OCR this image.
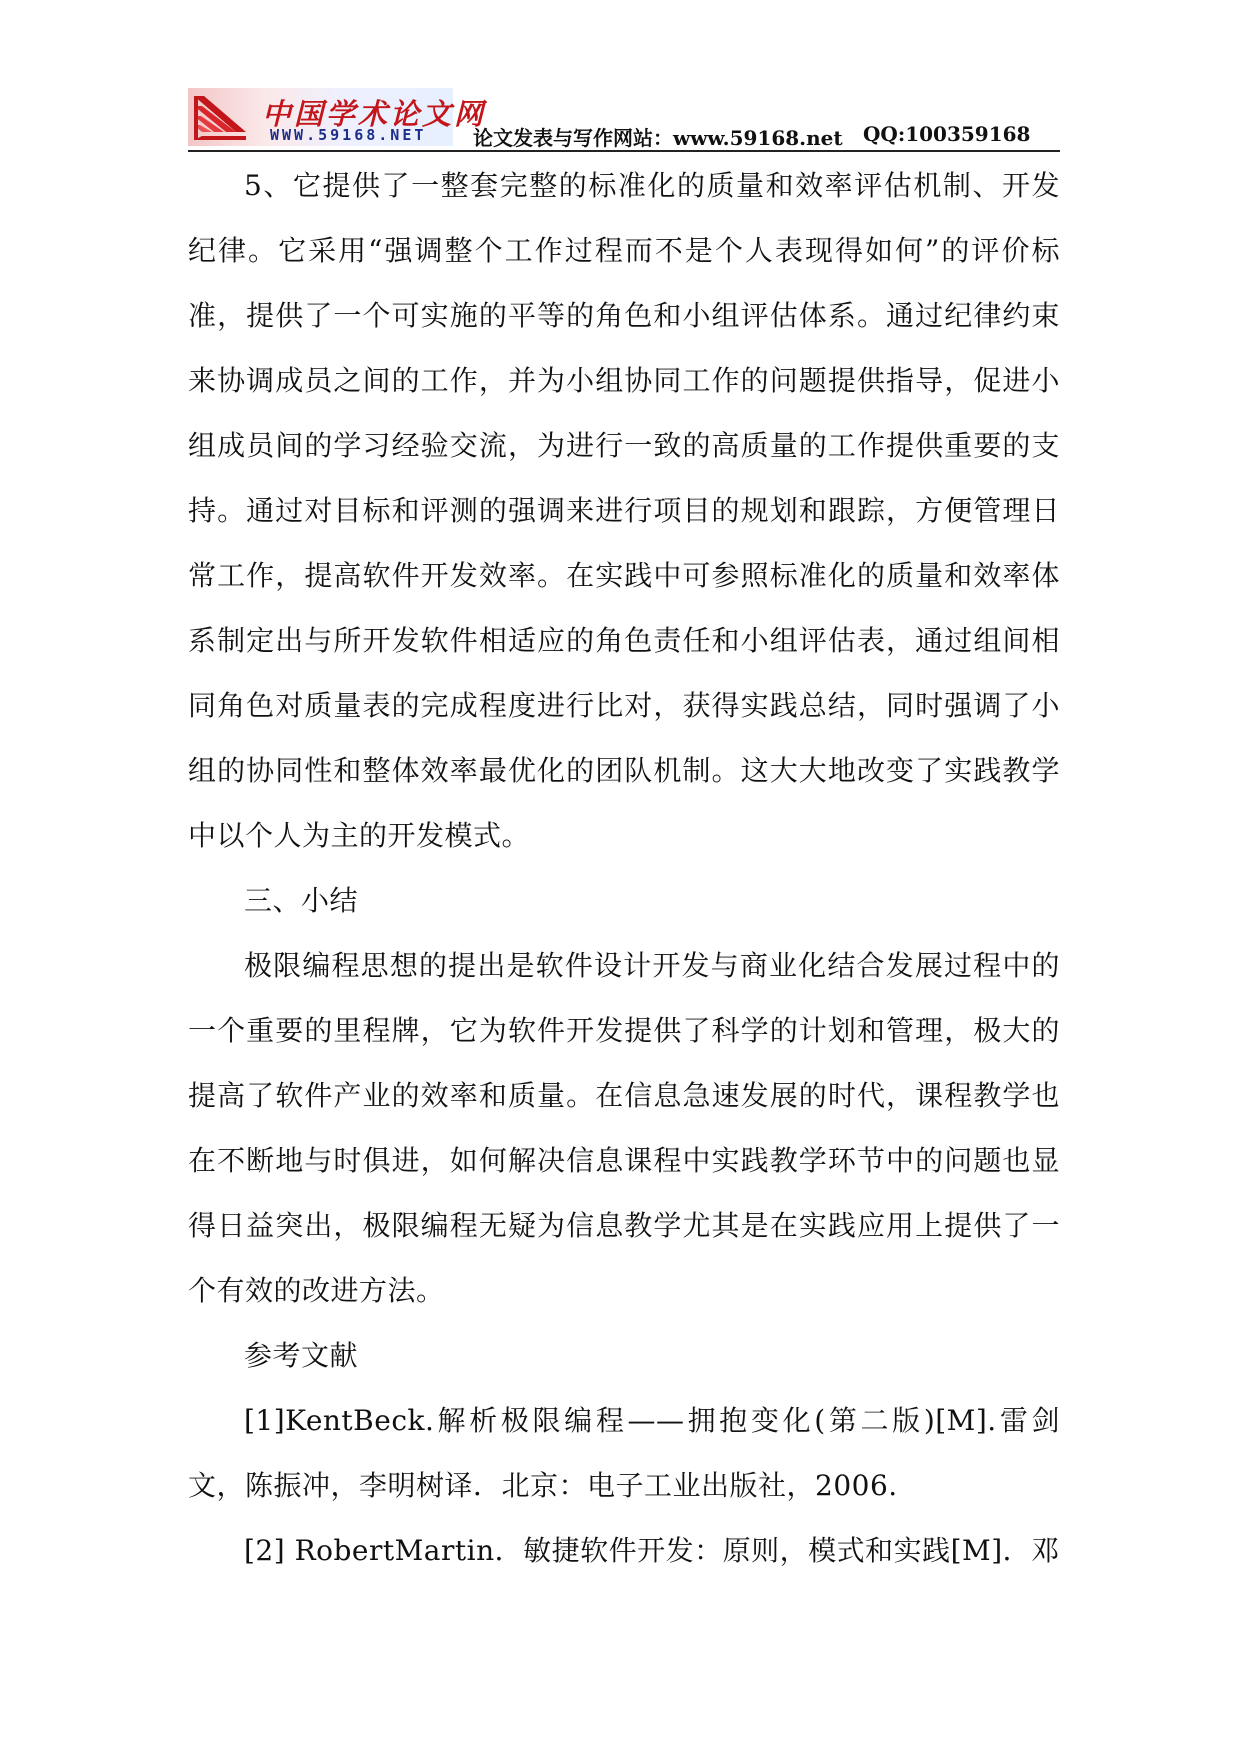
中国学术论文网
WWW.59168.NET 论文发表与写作网站：www.59168.net QQ:100359168

5、它提供了一整套完整的标准化的质量和效率评估机制、开发纪律。它采用“强调整个工作过程而不是个人表现得如何”的评价标准，提供了一个可实施的平等的角色和小组评估体系。通过纪律约束来协调成员之间的工作，并为小组协同工作的问题提供指导，促进小组成员间的学习经验交流，为进行一致的高质量的工作提供重要的支持。通过对目标和评测的强调来进行项目的规划和跟踪，方便管理日常工作，提高软件开发效率。在实践中可参照标准化的质量和效率体系制定出与所开发软件相适应的角色责任和小组评估表，通过组间相同角色对质量表的完成程度进行比对，获得实践总结，同时强调了小组的协同性和整体效率最优化的团队机制。这大大地改变了实践教学中以个人为主的开发模式。

三、小结

极限编程思想的提出是软件设计开发与商业化结合发展过程中的一个重要的里程牌，它为软件开发提供了科学的计划和管理，极大的提高了软件产业的效率和质量。在信息急速发展的时代，课程教学也在不断地与时俱进，如何解决信息课程中实践教学环节中的问题也显得日益突出，极限编程无疑为信息教学尤其是在实践应用上提供了一个有效的改进方法。

参考文献

[1]KentBeck.解析极限编程——拥抱变化(第二版)[M].雷剑文，陈振冲，李明树译．北京：电子工业出版社，2006.

[2] RobertMartin．敏捷软件开发：原则，模式和实践[M]．邓
